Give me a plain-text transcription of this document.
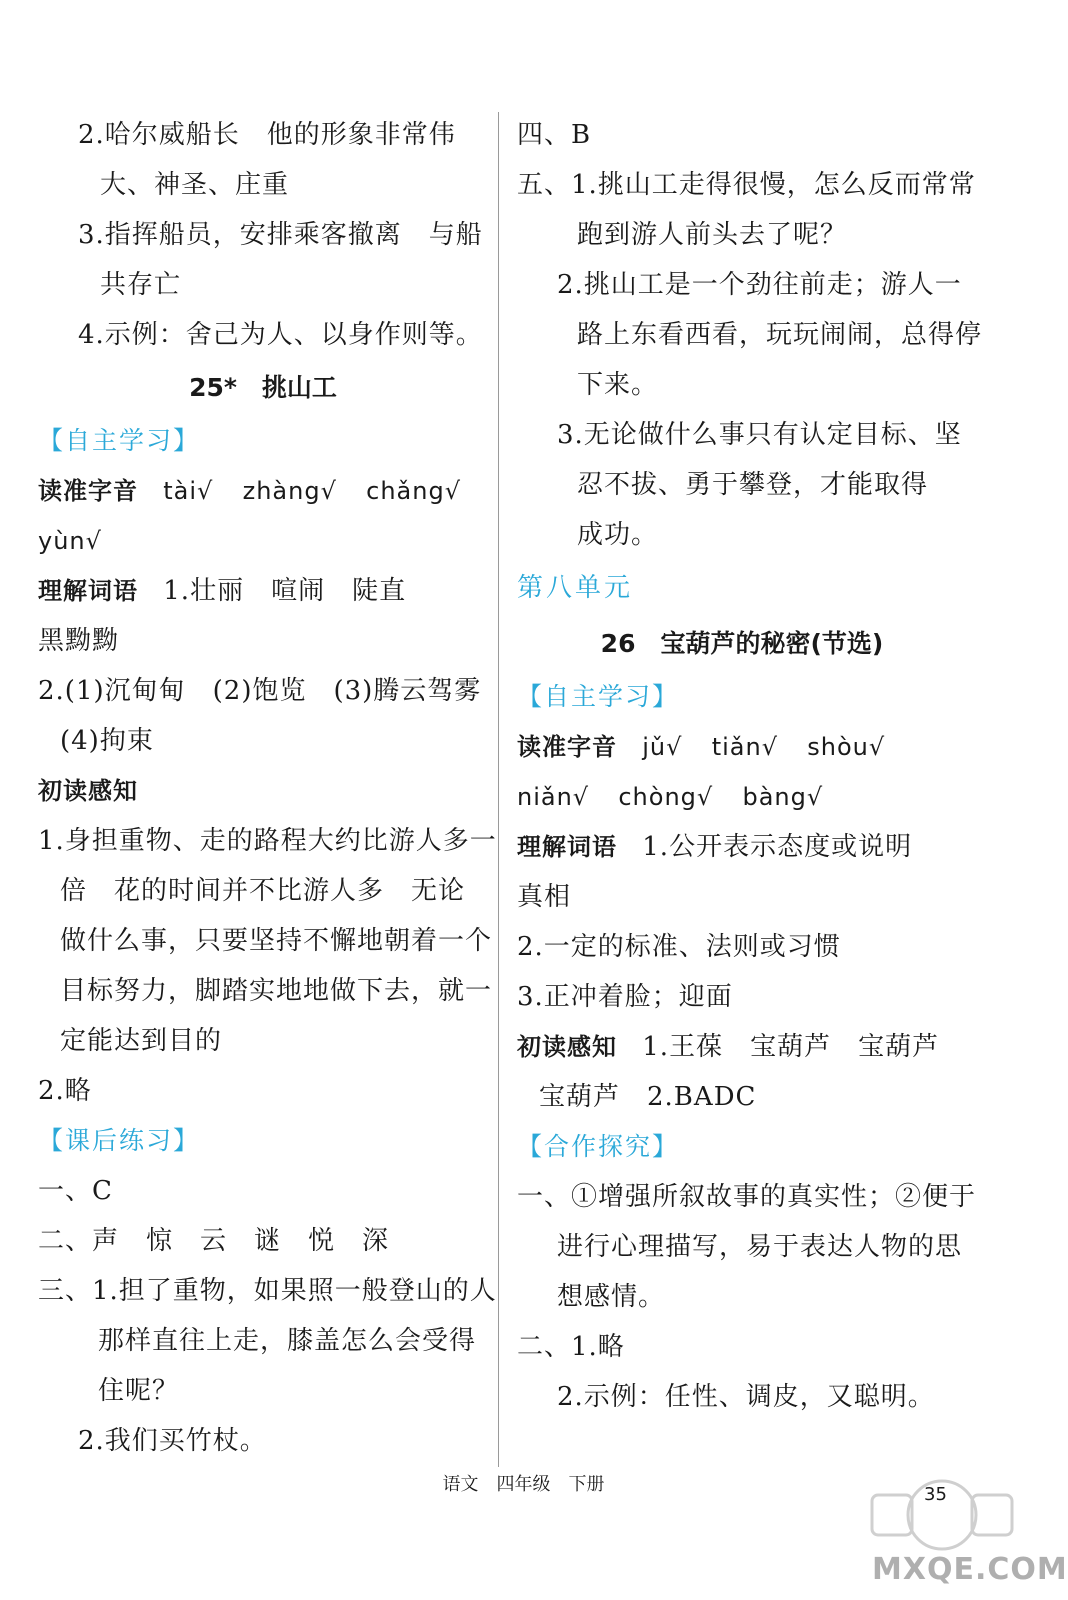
2.哈尔威船长　他的形象非常伟
大、神圣、庄重
3.指挥船员，安排乘客撤离　与船
共存亡
4.示例：舍己为人、以身作则等。
25*　挑山工
【自主学习】
读准字音 tài√ zhàng√ chǎng√
yùn√
理解词语 1.壮丽　喧闹　陡直
黑黝黝
2.(1)沉甸甸　(2)饱览　(3)腾云驾雾
(4)拘束
初读感知
1.身担重物、走的路程大约比游人多一
倍　花的时间并不比游人多　无论
做什么事，只要坚持不懈地朝着一个
目标努力，脚踏实地地做下去，就一
定能达到目的
2.略
【课后练习】
一、C
二、声　惊　云　谜　悦　深
三、1.担了重物，如果照一般登山的人
那样直往上走，膝盖怎么会受得
住呢？
2.我们买竹杖。
四、B
五、1.挑山工走得很慢，怎么反而常常
跑到游人前头去了呢？
2.挑山工是一个劲往前走；游人一
路上东看西看，玩玩闹闹，总得停
下来。
3.无论做什么事只有认定目标、坚
忍不拔、勇于攀登，才能取得
成功。
第八单元
26　宝葫芦的秘密(节选)
【自主学习】
读准字音 jǔ√ tiǎn√ shòu√
niǎn√ chòng√ bàng√
理解词语 1.公开表示态度或说明
真相
2.一定的标准、法则或习惯
3.正冲着脸；迎面
初读感知 1.王葆　宝葫芦　宝葫芦
宝葫芦　2.BADC
【合作探究】
一、①增强所叙故事的真实性；②便于
进行心理描写，易于表达人物的思
想感情。
二、1.略
2.示例：任性、调皮，又聪明。
语文　四年级　下册	35
MXQE.COM
